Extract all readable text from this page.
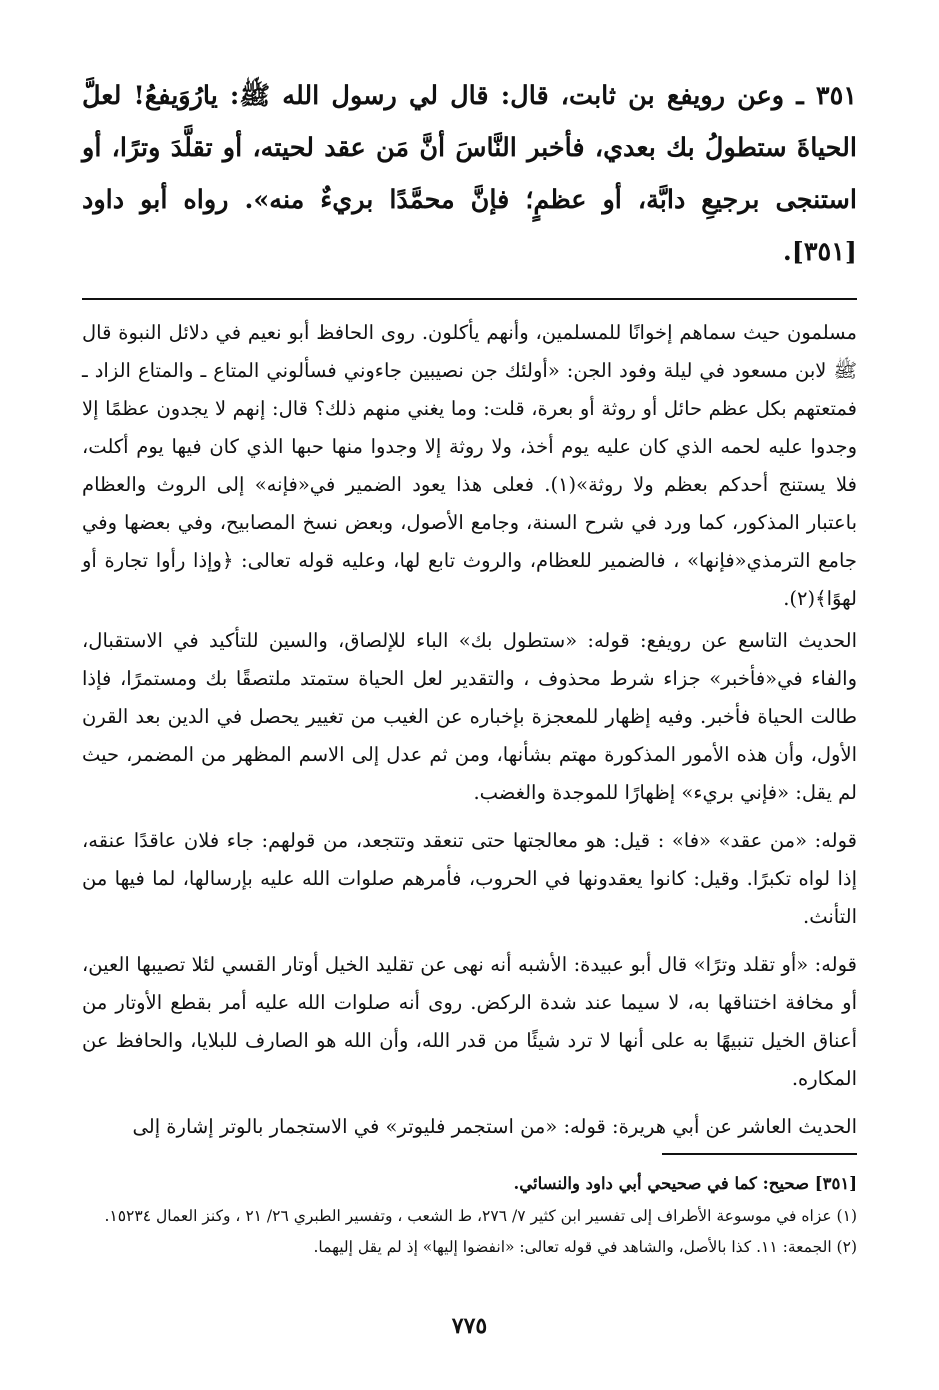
٣٥١ ـ وعن رويفع بن ثابت، قال: قال لي رسول الله ﷺ: يارُوَيفعُ! لعلَّ الحياةَ ستطولُ بك بعدي، فأخبر النَّاسَ أنَّ مَن عقد لحيته، أو تقلَّدَ وترًا، أو استنجى برجيعِ دابَّة، أو عظمٍ؛ فإنَّ محمَّدًا بريءٌ منه». رواه أبو داود [٣٥١].

مسلمون حيث سماهم إخوانًا للمسلمين، وأنهم يأكلون. روى الحافظ أبو نعيم في دلائل النبوة قال ﷺ لابن مسعود في ليلة وفود الجن: «أولئك جن نصيبين جاءوني فسألوني المتاع ـ والمتاع الزاد ـ فمتعتهم بكل عظم حائل أو روثة أو بعرة، قلت: وما يغني منهم ذلك؟ قال: إنهم لا يجدون عظمًا إلا وجدوا عليه لحمه الذي كان عليه يوم أخذ، ولا روثة إلا وجدوا منها حبها الذي كان فيها يوم أكلت، فلا يستنج أحدكم بعظم ولا روثة»(١). فعلى هذا يعود الضمير في«فإنه» إلى الروث والعظام باعتبار المذكور، كما ورد في شرح السنة، وجامع الأصول، وبعض نسخ المصابيح، وفي بعضها وفي جامع الترمذي«فإنها» ، فالضمير للعظام، والروث تابع لها، وعليه قوله تعالى: ﴿وإذا رأوا تجارة أو لهوًا﴾(٢).

الحديث التاسع عن رويفع: قوله: «ستطول بك» الباء للإلصاق، والسين للتأكيد في الاستقبال، والفاء في«فأخبر» جزاء شرط محذوف ، والتقدير لعل الحياة ستمتد ملتصقًا بك ومستمرًا، فإذا طالت الحياة فأخبر. وفيه إظهار للمعجزة بإخباره عن الغيب من تغيير يحصل في الدين بعد القرن الأول، وأن هذه الأمور المذكورة مهتم بشأنها، ومن ثم عدل إلى الاسم المظهر من المضمر، حيث لم يقل: «فإني بريء» إظهارًا للموجدة والغضب.

قوله: «من عقد» «فا» : قيل: هو معالجتها حتى تنعقد وتتجعد، من قولهم: جاء فلان عاقدًا عنقه، إذا لواه تكبرًا. وقيل: كانوا يعقدونها في الحروب، فأمرهم صلوات الله عليه بإرسالها، لما فيها من التأنث.

قوله: «أو تقلد وترًا» قال أبو عبيدة: الأشبه أنه نهى عن تقليد الخيل أوتار القسي لئلا تصيبها العين، أو مخافة اختناقها به، لا سيما عند شدة الركض. روى أنه صلوات الله عليه أمر بقطع الأوتار من أعناق الخيل تنبيهًا به على أنها لا ترد شيئًا من قدر الله، وأن الله هو الصارف للبلايا، والحافظ عن المكاره.

الحديث العاشر عن أبي هريرة: قوله: «من استجمر فليوتر» في الاستجمار بالوتر إشارة إلى

[٣٥١] صحيح: كما في صحيحي أبي داود والنسائي.

(١) عزاه في موسوعة الأطراف إلى تفسير ابن كثير ٧/ ٢٧٦، ط الشعب ، وتفسير الطبري ٢٦/ ٢١ ، وكنز العمال ١٥٢٣٤.

(٢) الجمعة: ١١. كذا بالأصل، والشاهد في قوله تعالى: «انفضوا إليها» إذ لم يقل إليهما.

٧٧٥
